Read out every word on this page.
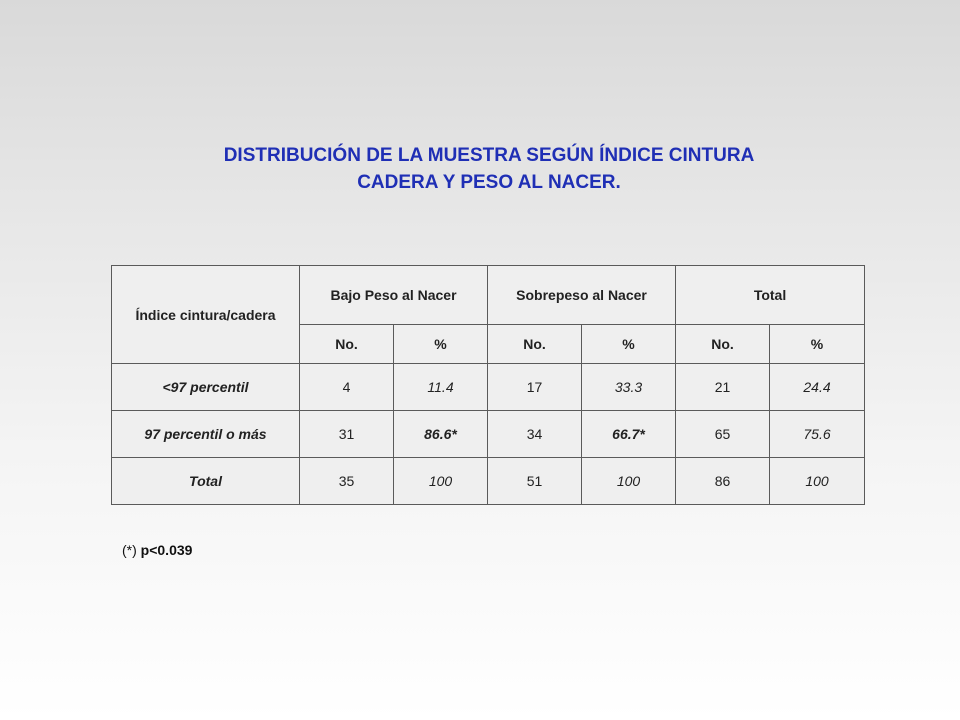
DISTRIBUCIÓN DE LA MUESTRA SEGÚN ÍNDICE CINTURA
CADERA Y PESO AL NACER.
Índice cintura/cadera	Bajo Peso al Nacer		Sobrepeso al Nacer		Total	
	No.	%	No.	%	No.	%
<97 percentil	4	11.4	17	33.3	21	24.4
97 percentil o más	31	86.6*	34	66.7*	65	75.6
Total	35	100	51	100	86	100
(*) p<0.039
